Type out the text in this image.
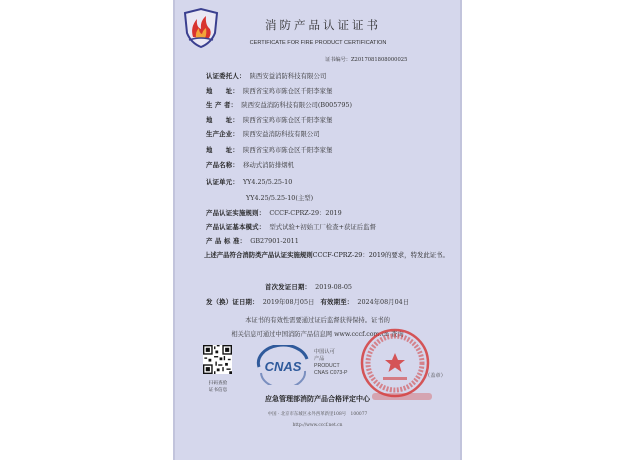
消防产品认证证书
CERTIFICATE FOR FIRE PRODUCT CERTIFICATION
证书编号：Z2017081808000025
认证委托人： 陕西安益消防科技有限公司
地　　址： 陕西省宝鸡市陈仓区千阳李家堡
生 产 者： 陕西安益消防科技有限公司(B005795)
地　　址： 陕西省宝鸡市陈仓区千阳李家堡
生产企业： 陕西安益消防科技有限公司
地　　址： 陕西省宝鸡市陈仓区千阳李家堡
产品名称： 移动式消防排烟机
认证单元： YY4.25/5.25-10
YY4.25/5.25-10(主型)
产品认证实施规则： CCCF-CPRZ-29：2019
产品认证基本模式： 型式试验+初始工厂检查+获证后监督
产 品 标 准： GB27901-2011
上述产品符合消防类产品认证实施规则CCCF-CPRZ-29：2019的要求，特发此证书。
首次发证日期： 2019-08-05
发（换）证日期： 2019年08月05日 有效期至： 2024年08月04日
本证书的有效性需要通过证后监督获得保持。证书的
相关信息可通过中国消防产品信息网 www.cccf.com.cn 查询
扫码查验
证书信息
CNAS
中国认可
产品
PRODUCT
CNAS C073-P	（盖章）
应急管理部消防产品合格评定中心
中国 · 北京市东城区永外西革新里108号　100077
http://www.cccf.net.cn
